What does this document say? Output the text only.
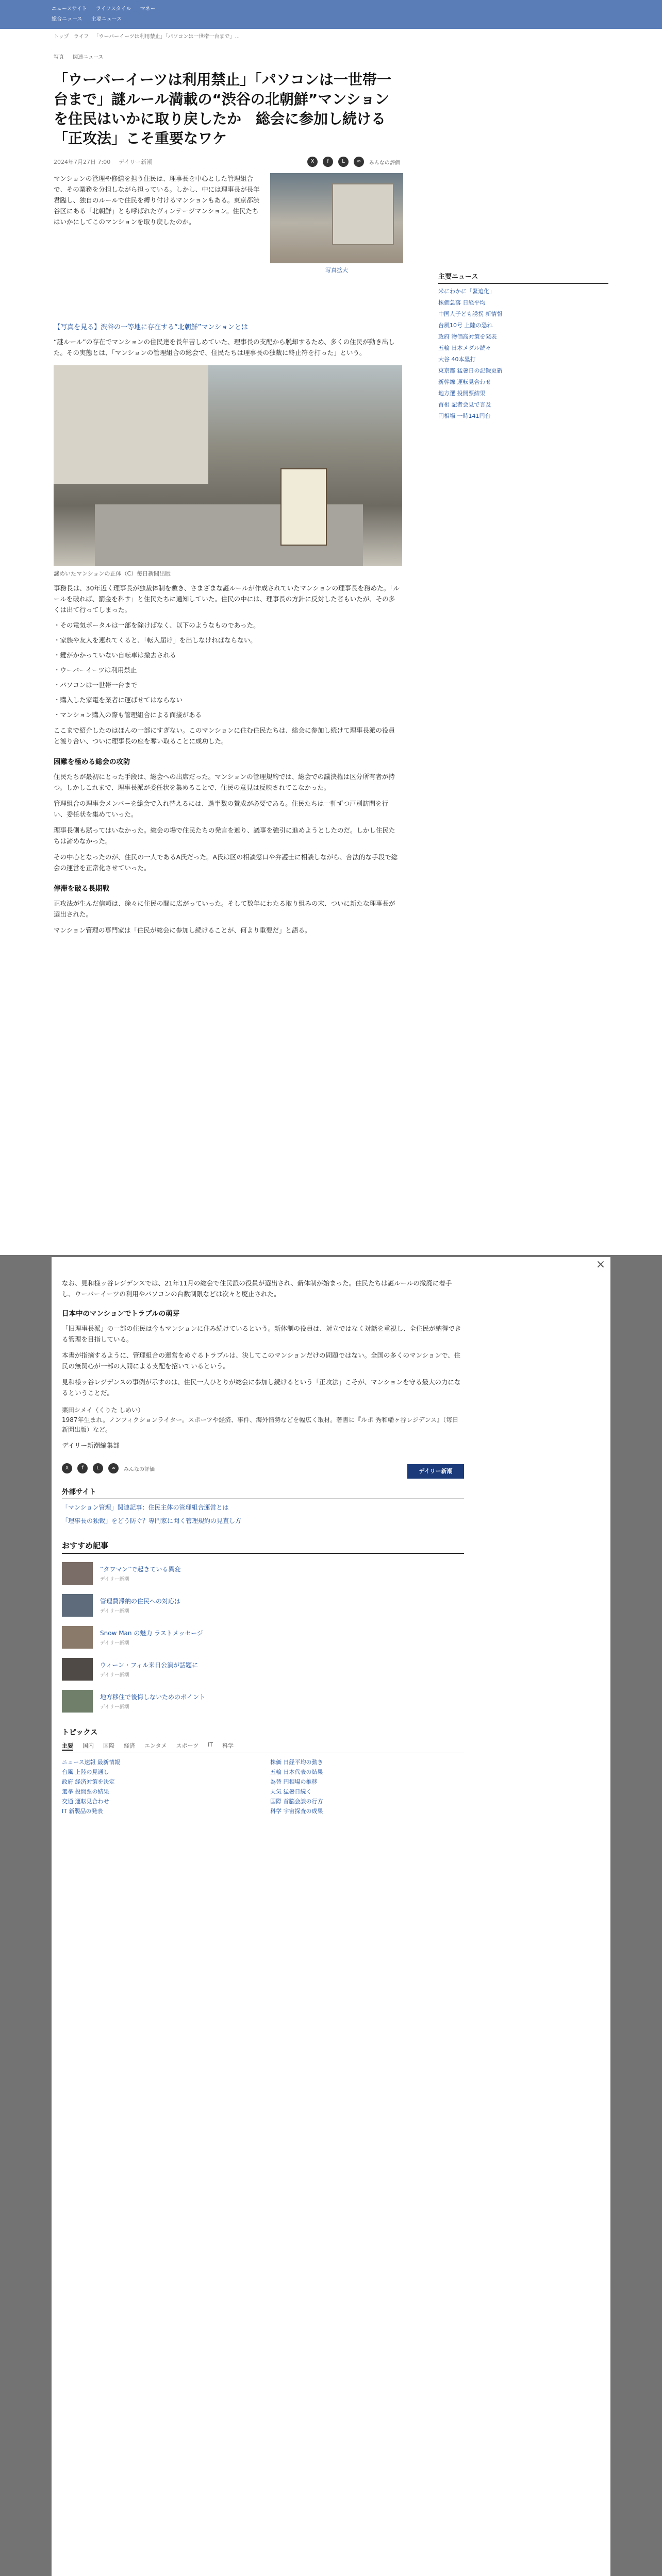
ニュースサイト ライフスタイル マネー
総合ニュース 主要ニュース
トップ ライフ 「ウーバーイーツは利用禁止」「パソコンは一世帯一台まで」...
写真 関連ニュース
「ウーバーイーツは利用禁止」「パソコンは一世帯一台まで」謎ルール満載の“渋谷の北朝鮮”マンションを住民はいかに取り戻したか　総会に参加し続ける「正攻法」こそ重要なワケ
2024年7月27日 7:00 デイリー新潮	X	f	L	∞	みんなの評価

マンションの管理や修繕を担う住民は、理事長を中心とした管理組合で、その業務を分担しながら担っている。しかし、中には理事長が長年君臨し、独自のルールで住民を縛り付けるマンションもある。東京都渋谷区にある「北朝鮮」とも呼ばれたヴィンテージマンション。住民たちはいかにしてこのマンションを取り戻したのか。

写真拡大
【写真を見る】渋谷の一等地に存在する“北朝鮮”マンションとは

“謎ルール”の存在でマンションの住民達を長年苦しめていた、理事長の支配から脱却するため、多くの住民が動き出した。その実態とは、「マンションの管理組合の総会で、住民たちは理事長の独裁に終止符を打った」という。

謎めいたマンションの正体（C）毎日新聞出版

事務長は、30年近く理事長が独裁体制を敷き、さまざまな謎ルールが作成されていたマンションの理事長を務めた。「ルールを破れば、罰金を科す」と住民たちに通知していた。住民の中には、理事長の方針に反対した者もいたが、その多くは出て行ってしまった。

・その電気ポータルは一部を除けばなく、以下のようなものであった。

・家族や友人を連れてくると、「転入届け」を出しなければならない。

・鍵がかかっていない自転車は撤去される

・ウーバーイーツは利用禁止

・パソコンは一世帯一台まで

・購入した家電を業者に運ばせてはならない

・マンション購入の際も管理組合による面接がある

ここまで紹介したのはほんの一部にすぎない。このマンションに住む住民たちは、総会に参加し続けて理事長派の役員と渡り合い、ついに理事長の座を奪い取ることに成功した。

困難を極める総会の攻防

住民たちが最初にとった手段は、総会への出席だった。マンションの管理規約では、総会での議決権は区分所有者が持つ。しかしこれまで、理事長派が委任状を集めることで、住民の意見は反映されてこなかった。

管理組合の理事会メンバーを総会で入れ替えるには、過半数の賛成が必要である。住民たちは一軒ずつ戸別訪問を行い、委任状を集めていった。

理事長側も黙ってはいなかった。総会の場で住民たちの発言を遮り、議事を強引に進めようとしたのだ。しかし住民たちは諦めなかった。

その中心となったのが、住民の一人であるA氏だった。A氏は区の相談窓口や弁護士に相談しながら、合法的な手段で総会の運営を正常化させていった。

停滞を破る長期戦

正攻法が生んだ信頼は、徐々に住民の間に広がっていった。そして数年にわたる取り組みの末、ついに新たな理事長が選出された。

マンション管理の専門家は「住民が総会に参加し続けることが、何より重要だ」と語る。

主要ニュース
米にわかに「緊迫化」
株価急落 日経平均
中国人子ども誘拐 新情報
台風10号 上陸の恐れ
政府 物価高対策を発表
五輪 日本メダル続々
大谷 40本塁打
東京都 猛暑日の記録更新
新幹線 運転見合わせ
地方選 投開票結果
首相 記者会見で言及
円相場 一時141円台
×

なお、見和様ッ谷レジデンスでは、21年11月の総会で住民派の役員が選出され、新体制が始まった。住民たちは謎ルールの撤廃に着手し、ウーバーイーツの利用やパソコンの台数制限などは次々と廃止された。

日本中のマンションでトラブルの萌芽

「旧理事長派」の一部の住民は今もマンションに住み続けているという。新体制の役員は、対立ではなく対話を重視し、全住民が納得できる管理を目指している。

本書が指摘するように、管理組合の運営をめぐるトラブルは、決してこのマンションだけの問題ではない。全国の多くのマンションで、住民の無関心が一部の人間による支配を招いているという。

見和様ッ谷レジデンスの事例が示すのは、住民一人ひとりが総会に参加し続けるという「正攻法」こそが、マンションを守る最大の力になるということだ。

栗田シメイ（くりた しめい）
1987年生まれ。ノンフィクションライター。スポーツや経済、事件、海外情勢などを幅広く取材。著書に『ルポ 秀和幡ヶ谷レジデンス』（毎日新聞出版）など。

デイリー新潮編集部

X	f	L	∞	みんなの評価	デイリー新潮
外部サイト
「マンション管理」関連記事：住民主体の管理組合運営とは
「理事長の独裁」をどう防ぐ？専門家に聞く管理規約の見直し方
おすすめ記事
“タワマン”で起きている異変
デイリー新潮
管理費滞納の住民への対応は
デイリー新潮
Snow Man の魅力 ラストメッセージ
デイリー新潮
ウィーン・フィル来日公演が話題に
デイリー新潮
地方移住で後悔しないためのポイント
デイリー新潮
トピックス
主要 国内 国際 経済 エンタメ スポーツ IT 科学
ニュース速報 最新情報	株価 日経平均の動き
台風 上陸の見通し	五輪 日本代表の結果
政府 経済対策を決定	為替 円相場の推移
選挙 投開票の結果	天気 猛暑日続く
交通 運転見合わせ	国際 首脳会談の行方
IT 新製品の発表	科学 宇宙探査の成果
